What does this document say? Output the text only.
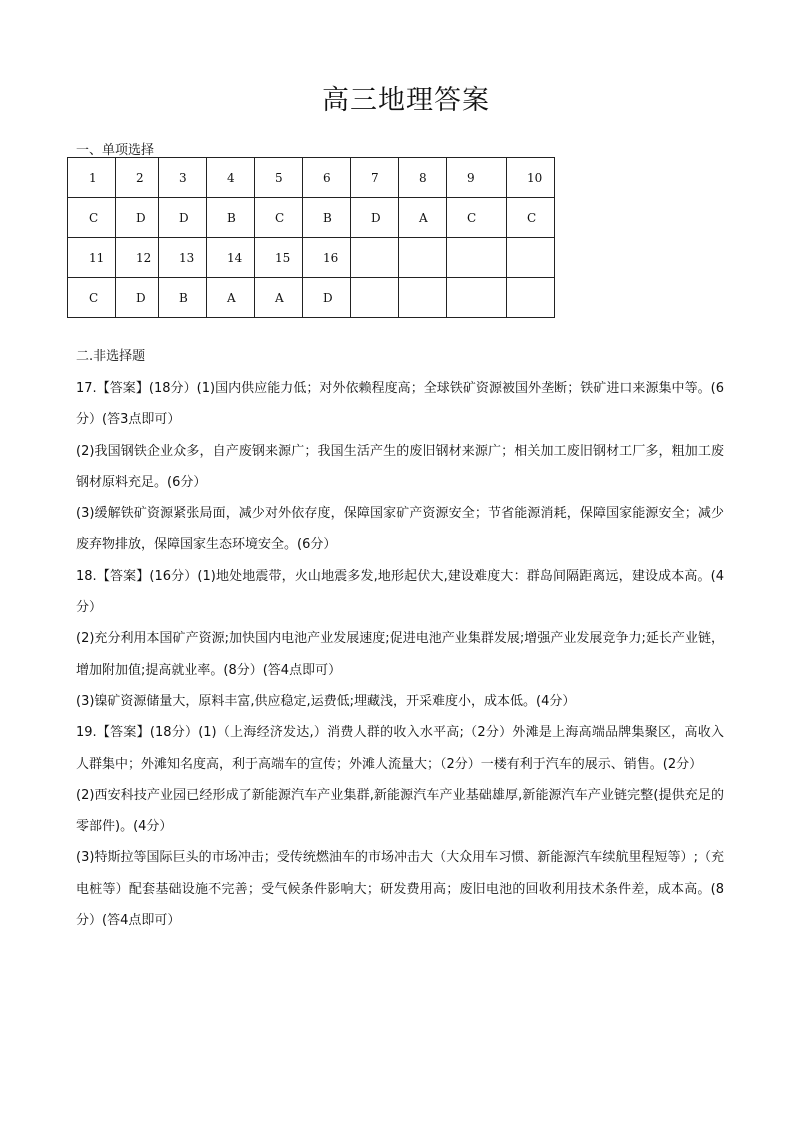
高三地理答案
一、单项选择
1	2	3	4	5	6	7	8	9	10
C	D	D	B	C	B	D	A	C	C
11	12	13	14	15	16				
C	D	B	A	A	D				
二.非选择题

17.【答案】(18分）(1)国内供应能力低；对外依赖程度高；全球铁矿资源被国外垄断；铁矿进口来源集中等。(6分）(答3点即可）

(2)我国钢铁企业众多，自产废钢来源广；我国生活产生的废旧钢材来源广；相关加工废旧钢材工厂多，粗加工废钢材原料充足。(6分）

(3)缓解铁矿资源紧张局面，减少对外依存度，保障国家矿产资源安全；节省能源消耗，保障国家能源安全；减少废弃物排放，保障国家生态环境安全。(6分）

18.【答案】(16分）(1)地处地震带，火山地震多发,地形起伏大,建设难度大：群岛间隔距离远，建设成本高。(4分）

(2)充分利用本国矿产资源;加快国内电池产业发展速度;促进电池产业集群发展;增强产业发展竞争力;延长产业链，增加附加值;提高就业率。(8分）(答4点即可）

(3)镍矿资源储量大，原料丰富,供应稳定,运费低;埋藏浅，开采难度小，成本低。(4分）

19.【答案】(18分）(1)（上海经济发达,）消费人群的收入水平高;（2分）外滩是上海高端品牌集聚区，高收入人群集中；外滩知名度高，利于高端车的宣传；外滩人流量大；（2分）一楼有利于汽车的展示、销售。(2分）

(2)西安科技产业园已经形成了新能源汽车产业集群,新能源汽车产业基础雄厚,新能源汽车产业链完整(提供充足的零部件)。(4分）

(3)特斯拉等国际巨头的市场冲击；受传统燃油车的市场冲击大（大众用车习惯、新能源汽车续航里程短等）;（充电桩等）配套基础设施不完善；受气候条件影响大；研发费用高；废旧电池的回收利用技术条件差，成本高。(8分）(答4点即可）
